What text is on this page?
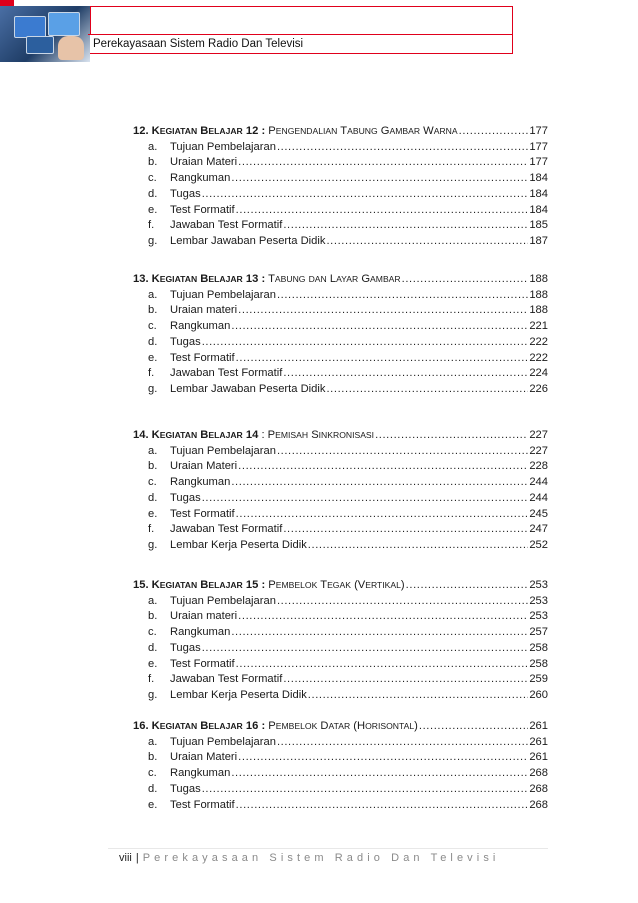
Perekayasaan Sistem Radio Dan Televisi
12. KEGIATAN BELAJAR 12 : PENGENDALIAN TABUNG GAMBAR WARNA .....	177
a.	Tujuan Pembelajaran .....	177
b.	Uraian Materi .....	177
c.	Rangkuman .....	184
d.	Tugas .....	184
e.	Test Formatif .....	184
f.	Jawaban Test Formatif .....	185
g.	Lembar Jawaban Peserta Didik .....	187
13. KEGIATAN BELAJAR 13 : TABUNG DAN LAYAR GAMBAR .....	188
a.	Tujuan Pembelajaran .....	188
b.	Uraian materi .....	188
c.	Rangkuman .....	221
d.	Tugas .....	222
e.	Test Formatif .....	222
f.	Jawaban Test Formatif .....	224
g.	Lembar Jawaban Peserta Didik .....	226
14. KEGIATAN BELAJAR 14 : PEMISAH SINKRONISASI .....	227
a.	Tujuan Pembelajaran .....	227
b.	Uraian Materi .....	228
c.	Rangkuman .....	244
d.	Tugas .....	244
e.	Test Formatif .....	245
f.	Jawaban Test Formatif .....	247
g.	Lembar Kerja Peserta Didik .....	252
15. KEGIATAN BELAJAR 15 : PEMBELOK TEGAK (VERTIKAL) .....	253
a.	Tujuan Pembelajaran .....	253
b.	Uraian materi .....	253
c.	Rangkuman .....	257
d.	Tugas .....	258
e.	Test Formatif .....	258
f.	Jawaban Test Formatif .....	259
g.	Lembar Kerja Peserta Didik .....	260
16. KEGIATAN BELAJAR 16 : PEMBELOK DATAR (HORISONTAL) .....	261
a.	Tujuan Pembelajaran .....	261
b.	Uraian Materi .....	261
c.	Rangkuman .....	268
d.	Tugas .....	268
e.	Test Formatif .....	268
viii | Perekayasaan Sistem Radio Dan Televisi
